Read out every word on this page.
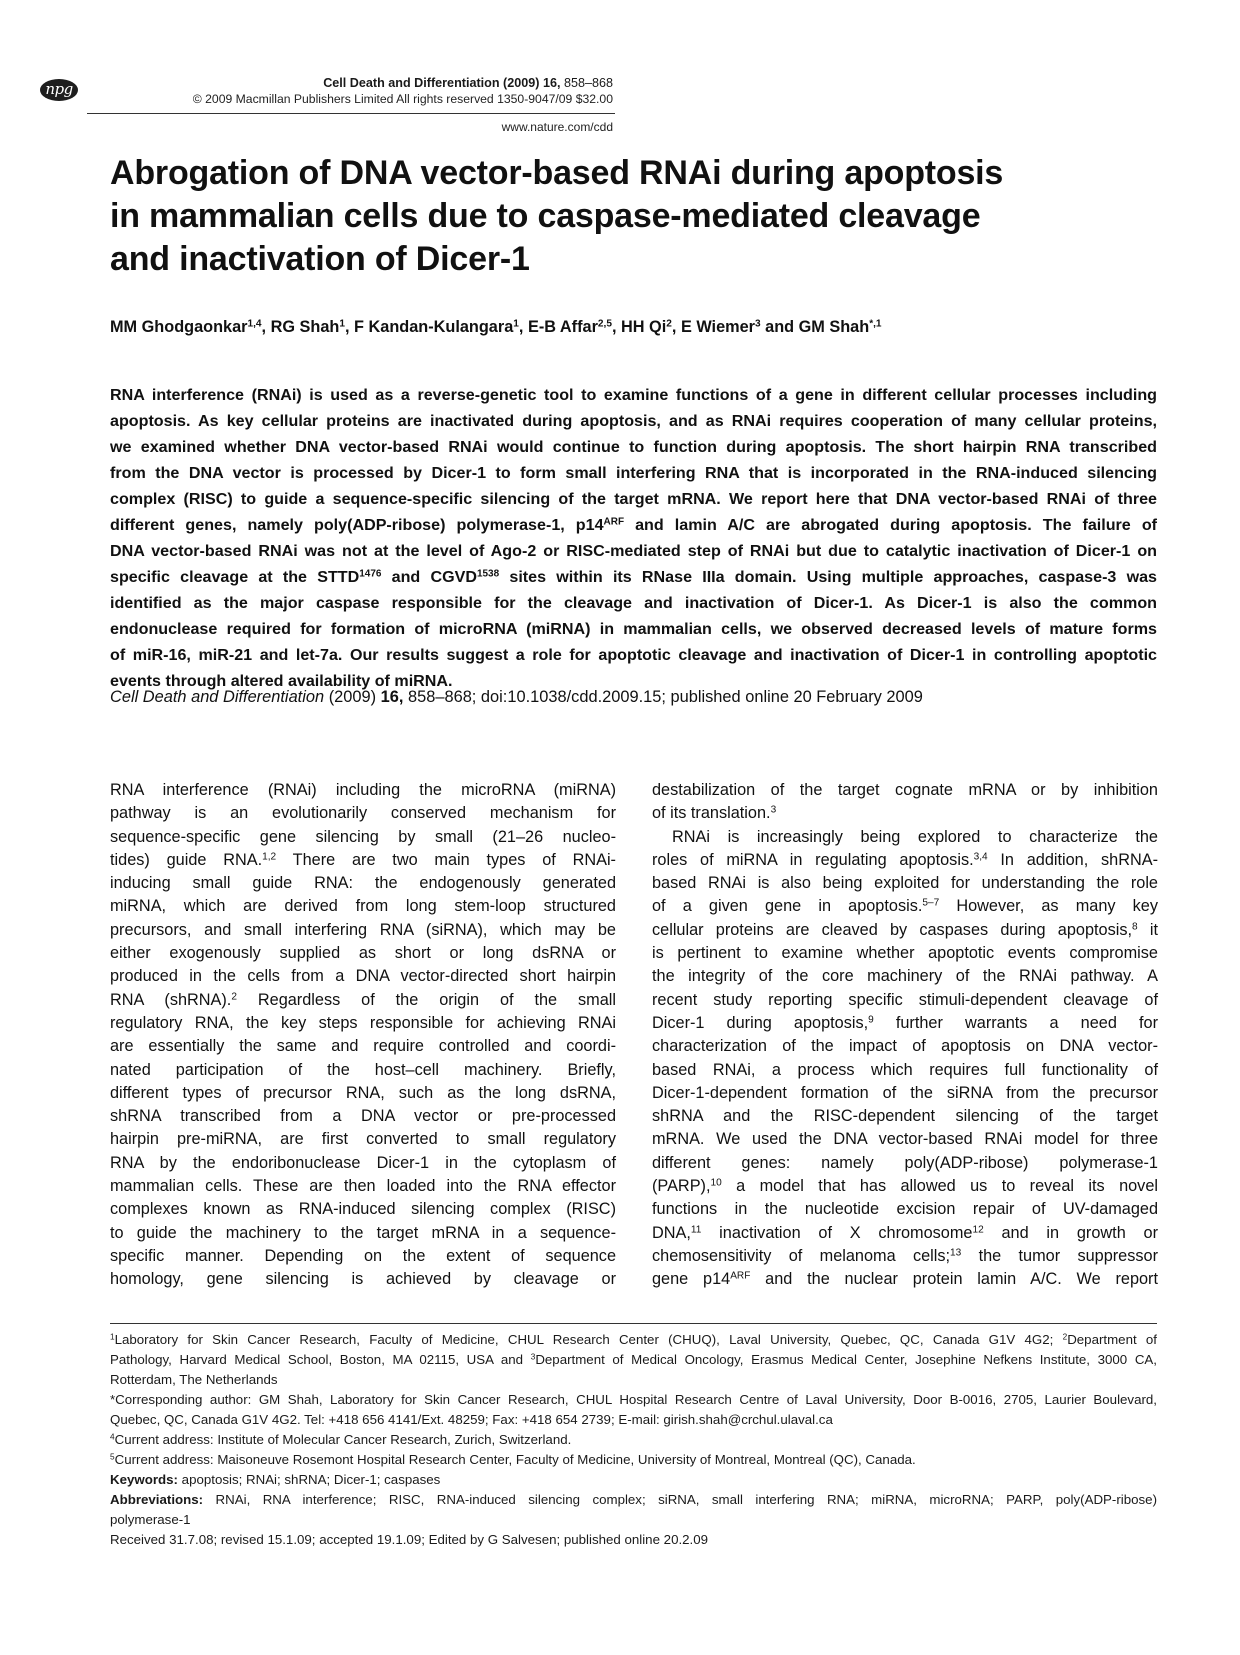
npg	Cell Death and Differentiation (2009) 16, 858–868
© 2009 Macmillan Publishers Limited All rights reserved 1350-9047/09 $32.00
www.nature.com/cdd
Abrogation of DNA vector-based RNAi during apoptosis
in mammalian cells due to caspase-mediated cleavage
and inactivation of Dicer-1
MM Ghodgaonkar$^{1,4}$, RG Shah$^1$, F Kandan-Kulangara$^1$, E-B Affar$^{2,5}$, HH Qi$^2$, E Wiemer$^3$ and GM Shah$^{*,1}$
RNA interference (RNAi) is used as a reverse-genetic tool to examine functions of a gene in different cellular processes including
apoptosis. As key cellular proteins are inactivated during apoptosis, and as RNAi requires cooperation of many cellular proteins,
we examined whether DNA vector-based RNAi would continue to function during apoptosis. The short hairpin RNA transcribed
from the DNA vector is processed by Dicer-1 to form small interfering RNA that is incorporated in the RNA-induced silencing
complex (RISC) to guide a sequence-specific silencing of the target mRNA. We report here that DNA vector-based RNAi of three
different genes, namely poly(ADP-ribose) polymerase-1, $p14^{ARF}$ and lamin A/C are abrogated during apoptosis. The failure of
DNA vector-based RNAi was not at the level of Ago-2 or RISC-mediated step of RNAi but due to catalytic inactivation of Dicer-1 on
specific cleavage at the $STTD^{1476}$ and $CGVD^{1538}$ sites within its RNase IIIa domain. Using multiple approaches, caspase-3 was
identified as the major caspase responsible for the cleavage and inactivation of Dicer-1. As Dicer-1 is also the common
endonuclease required for formation of microRNA (miRNA) in mammalian cells, we observed decreased levels of mature forms
of miR-16, miR-21 and let-7a. Our results suggest a role for apoptotic cleavage and inactivation of Dicer-1 in controlling apoptotic
events through altered availability of miRNA.
Cell Death and Differentiation (2009) 16, 858–868; doi:10.1038/cdd.2009.15; published online 20 February 2009
RNA interference (RNAi) including the microRNA (miRNA)
pathway is an evolutionarily conserved mechanism for
sequence-specific gene silencing by small (21–26 nucleo-
tides) guide RNA.$^{1,2}$ There are two main types of RNAi-
inducing small guide RNA: the endogenously generated
miRNA, which are derived from long stem-loop structured
precursors, and small interfering RNA (siRNA), which may be
either exogenously supplied as short or long dsRNA or
produced in the cells from a DNA vector-directed short hairpin
RNA (shRNA).$^2$ Regardless of the origin of the small
regulatory RNA, the key steps responsible for achieving RNAi
are essentially the same and require controlled and coordi-
nated participation of the host–cell machinery. Briefly,
different types of precursor RNA, such as the long dsRNA,
shRNA transcribed from a DNA vector or pre-processed
hairpin pre-miRNA, are first converted to small regulatory
RNA by the endoribonuclease Dicer-1 in the cytoplasm of
mammalian cells. These are then loaded into the RNA effector
complexes known as RNA-induced silencing complex (RISC)
to guide the machinery to the target mRNA in a sequence-
specific manner. Depending on the extent of sequence
homology, gene silencing is achieved by cleavage or
destabilization of the target cognate mRNA or by inhibition
of its translation.$^3$
RNAi is increasingly being explored to characterize the
roles of miRNA in regulating apoptosis.$^{3,4}$ In addition, shRNA-
based RNAi is also being exploited for understanding the role
of a given gene in apoptosis.$^{5-7}$ However, as many key
cellular proteins are cleaved by caspases during apoptosis,$^8$ it
is pertinent to examine whether apoptotic events compromise
the integrity of the core machinery of the RNAi pathway. A
recent study reporting specific stimuli-dependent cleavage of
Dicer-1 during apoptosis,$^9$ further warrants a need for
characterization of the impact of apoptosis on DNA vector-
based RNAi, a process which requires full functionality of
Dicer-1-dependent formation of the siRNA from the precursor
shRNA and the RISC-dependent silencing of the target
mRNA. We used the DNA vector-based RNAi model for three
different genes: namely poly(ADP-ribose) polymerase-1
(PARP),$^{10}$ a model that has allowed us to reveal its novel
functions in the nucleotide excision repair of UV-damaged
DNA,$^{11}$ inactivation of X chromosome$^{12}$ and in growth or
chemosensitivity of melanoma cells;$^{13}$ the tumor suppressor
gene $p14^{ARF}$ and the nuclear protein lamin A/C. We report
$^1$Laboratory for Skin Cancer Research, Faculty of Medicine, CHUL Research Center (CHUQ), Laval University, Quebec, QC, Canada G1V 4G2; $^2$Department of
Pathology, Harvard Medical School, Boston, MA 02115, USA and $^3$Department of Medical Oncology, Erasmus Medical Center, Josephine Nefkens Institute, 3000 CA,
Rotterdam, The Netherlands
*Corresponding author: GM Shah, Laboratory for Skin Cancer Research, CHUL Hospital Research Centre of Laval University, Door B-0016, 2705, Laurier Boulevard,
Quebec, QC, Canada G1V 4G2. Tel: +418 656 4141/Ext. 48259; Fax: +418 654 2739; E-mail: girish.shah@crchul.ulaval.ca
$^4$Current address: Institute of Molecular Cancer Research, Zurich, Switzerland.
$^5$Current address: Maisoneuve Rosemont Hospital Research Center, Faculty of Medicine, University of Montreal, Montreal (QC), Canada.
Keywords: apoptosis; RNAi; shRNA; Dicer-1; caspases
Abbreviations: RNAi, RNA interference; RISC, RNA-induced silencing complex; siRNA, small interfering RNA; miRNA, microRNA; PARP, poly(ADP-ribose)
polymerase-1
Received 31.7.08; revised 15.1.09; accepted 19.1.09; Edited by G Salvesen; published online 20.2.09
